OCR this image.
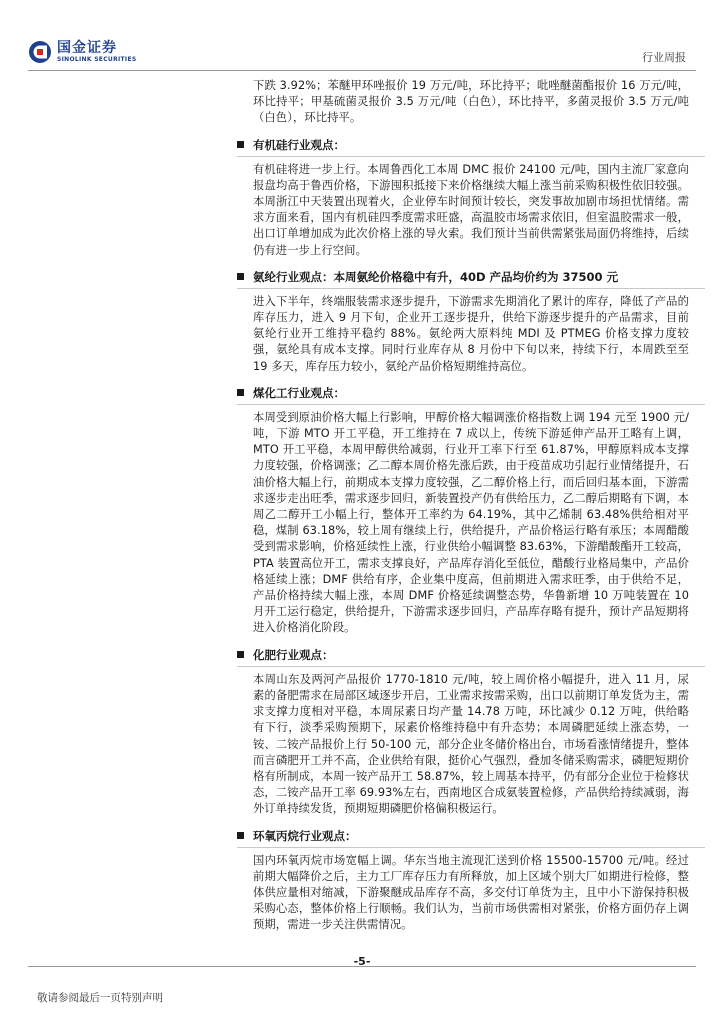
国金证券
SINOLINK SECURITIES	行业周报

下跌 3.92%；苯醚甲环唑报价 19 万元/吨，环比持平；吡唑醚菌酯报价 16 万元/吨，环比持平；甲基硫菌灵报价 3.5 万元/吨（白色），环比持平，多菌灵报价 3.5 万元/吨（白色），环比持平。

有机硅行业观点：

有机硅将进一步上行。本周鲁西化工本周 DMC 报价 24100 元/吨，国内主流厂家意向报盘均高于鲁西价格，下游囤积抵接下来价格继续大幅上涨当前采购积极性依旧较强。本周浙江中天装置出现着火，企业停车时间预计较长，突发事故加剧市场担忧情绪。需求方面来看，国内有机硅四季度需求旺盛，高温胶市场需求依旧，但室温胶需求一般，出口订单增加成为此次价格上涨的导火索。我们预计当前供需紧张局面仍将维持，后续仍有进一步上行空间。

氨纶行业观点：本周氨纶价格稳中有升，40D 产品均价约为 37500 元

进入下半年，终端服装需求逐步提升，下游需求先期消化了累计的库存，降低了产品的库存压力，进入 9 月下旬，企业开工逐步提升，供给下游逐步提升的产品需求，目前氨纶行业开工维持平稳约 88%。氨纶两大原料纯 MDI 及 PTMEG 价格支撑力度较强，氨纶具有成本支撑。同时行业库存从 8 月份中下旬以来，持续下行，本周跌至至 19 多天，库存压力较小，氨纶产品价格短期维持高位。

煤化工行业观点：

本周受到原油价格大幅上行影响，甲醇价格大幅调涨价格指数上调 194 元至 1900 元/吨，下游 MTO 开工平稳，开工维持在 7 成以上，传统下游延伸产品开工略有上调，MTO 开工平稳，本周甲醇供给减弱，行业开工率下行至 61.87%，甲醇原料成本支撑力度较强，价格调涨；乙二醇本周价格先涨后跌，由于疫苗成功引起行业情绪提升，石油价格大幅上行，前期成本支撑力度较强，乙二醇价格上行，而后回归基本面，下游需求逐步走出旺季，需求逐步回归，新装置投产仍有供给压力，乙二醇后期略有下调，本周乙二醇开工小幅上行，整体开工率约为 64.19%，其中乙烯制 63.48%供给相对平稳，煤制 63.18%，较上周有继续上行，供给提升，产品价格运行略有承压；本周醋酸受到需求影响，价格延续性上涨，行业供给小幅调整 83.63%，下游醋酸酯开工较高，PTA 装置高位开工，需求支撑良好，产品库存消化至低位，醋酸行业格局集中，产品价格延续上涨；DMF 供给有序，企业集中度高，但前期进入需求旺季，由于供给不足，产品价格持续大幅上涨，本周 DMF 价格延续调整态势，华鲁新增 10 万吨装置在 10 月开工运行稳定，供给提升，下游需求逐步回归，产品库存略有提升，预计产品短期将进入价格消化阶段。

化肥行业观点：

本周山东及两河产品报价 1770-1810 元/吨，较上周价格小幅提升，进入 11 月，尿素的备肥需求在局部区域逐步开启，工业需求按需采购，出口以前期订单发货为主，需求支撑力度相对平稳，本周尿素日均产量 14.78 万吨，环比减少 0.12 万吨，供给略有下行，淡季采购预期下，尿素价格维持稳中有升态势；本周磷肥延续上涨态势，一铵、二铵产品报价上行 50-100 元，部分企业冬储价格出台，市场看涨情绪提升，整体而言磷肥开工并不高，企业供给有限，挺价心气强烈，叠加冬储采购需求，磷肥短期价格有所制成，本周一铵产品开工 58.87%，较上周基本持平，仍有部分企业位于检修状态，二铵产品开工率 69.93%左右，西南地区合成氨装置检修，产品供给持续减弱，海外订单持续发货，预期短期磷肥价格偏积极运行。

环氧丙烷行业观点：

国内环氧丙烷市场宽幅上调。华东当地主流现汇送到价格 15500-15700 元/吨。经过前期大幅降价之后，主力工厂库存压力有所释放，加上区域个别大厂如期进行检修，整体供应量相对缩减，下游聚醚成品库存不高，多交付订单货为主，且中小下游保持积极采购心态，整体价格上行顺畅。我们认为，当前市场供需相对紧张，价格方面仍存上调预期，需进一步关注供需情况。

-5-
敬请参阅最后一页特别声明
